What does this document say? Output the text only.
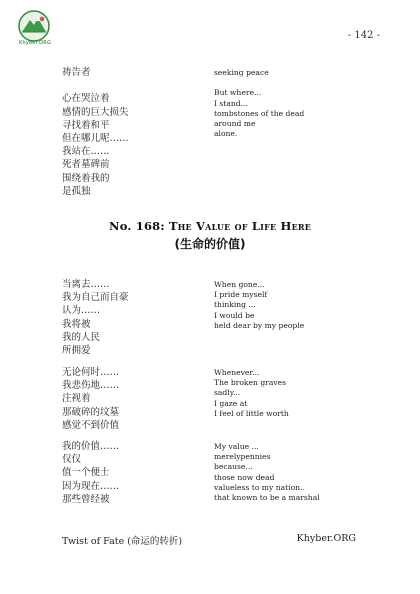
Khyber.ORG
- 142 -

祷告者

心在哭泣着
感情的巨大损失
寻找着和平
但在哪儿呢……
我站在……
死者墓碑前
围绕着我的
是孤独

seeking peace

But where...
I stand...
tombstones of the dead
around me
alone.

No. 168: The Value of Life Here
(生命的价值)

当离去……
我为自己而自豪
认为……
我将被
我的人民
所拥爱

When gone...
I pride myself
thinking ...
I would be
held dear by my people

无论何时……
我悲伤地……
注视着
那破碎的坟墓
感觉不到价值

Whenever...
The broken graves
sadly...
I gaze at
I feel of little worth

我的价值……
仅仅
值一个便士
因为现在……
那些曾经被

My value ...
merelypennies
because...
those now dead
valueless to my nation..
that known to be a marshal

Twist of Fate (命运的转折)	Khyber.ORG
